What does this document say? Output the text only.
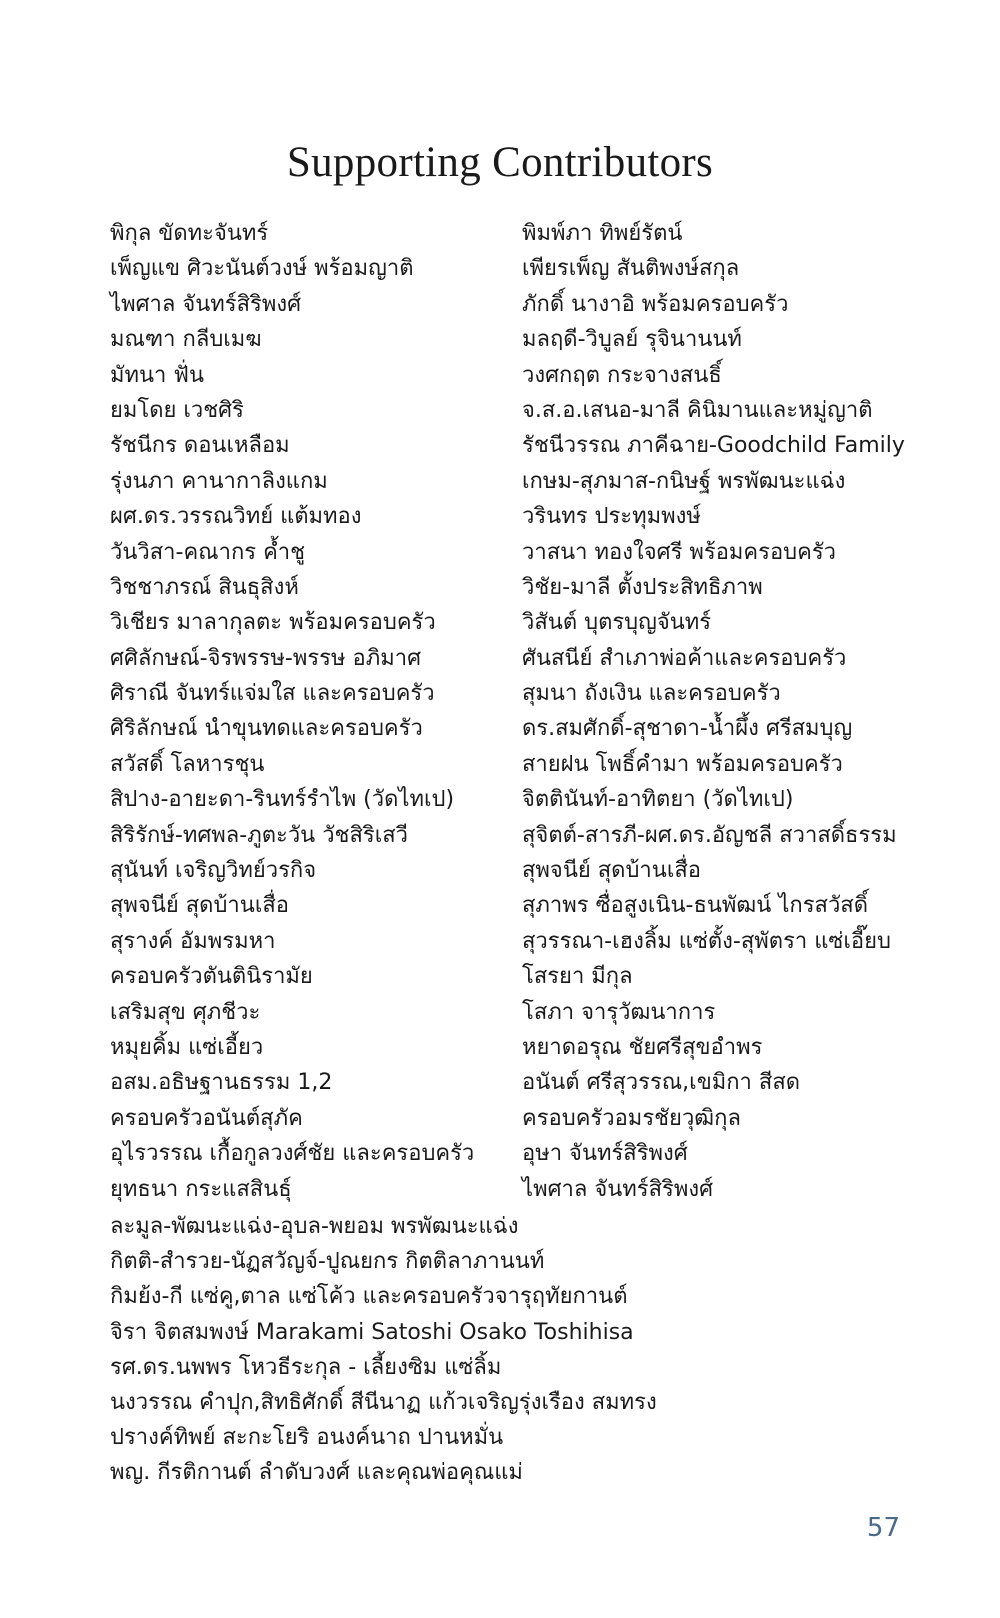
Supporting Contributors
พิกุล ขัดทะจันทร์
เพ็ญแข ศิวะนันต์วงษ์ พร้อมญาติ
ไพศาล จันทร์สิริพงศ์
มณฑา กลีบเมฆ
มัทนา ฟั่น
ยมโดย เวชศิริ
รัชนีกร ดอนเหลือม
รุ่งนภา คานากาลิงแกม
ผศ.ดร.วรรณวิทย์ แต้มทอง
วันวิสา-คณากร ค้ำชู
วิชชาภรณ์ สินธุสิงห์
วิเชียร มาลากุลตะ พร้อมครอบครัว
ศศิลักษณ์-จิรพรรษ-พรรษ อภิมาศ
ศิราณี จันทร์แจ่มใส และครอบครัว
ศิริลักษณ์ นำขุนทดและครอบครัว
สวัสดิ์ โลหารชุน
สิปาง-อายะดา-รินทร์รำไพ (วัดไทเป)
สิริรักษ์-ทศพล-ภูตะวัน วัชสิริเสวี
สุนันท์ เจริญวิทย์วรกิจ
สุพจนีย์ สุดบ้านเสื่อ
สุรางค์ อัมพรมหา
ครอบครัวตันตินิรามัย
เสริมสุข ศุภชีวะ
หมุยคิ้ม แซ่เอี้ยว
อสม.อธิษฐานธรรม 1,2
ครอบครัวอนันต์สุภัค
อุไรวรรณ เกื้อกูลวงศ์ชัย และครอบครัว
ยุทธนา กระแสสินธุ์
พิมพ์ภา ทิพย์รัตน์
เพียรเพ็ญ สันติพงษ์สกุล
ภักดิ์ นางาอิ พร้อมครอบครัว
มลฤดี-วิบูลย์ รุจินานนท์
วงศกฤต กระจางสนธิ์
จ.ส.อ.เสนอ-มาลี คินิมานและหมู่ญาติ
รัชนีวรรณ ภาคีฉาย-Goodchild Family
เกษม-สุภมาส-กนิษฐ์ พรพัฒนะแฉ่ง
วรินทร ประทุมพงษ์
วาสนา ทองใจศรี พร้อมครอบครัว
วิชัย-มาลี ตั้งประสิทธิภาพ
วิสันต์ บุตรบุญจันทร์
ศันสนีย์ สำเภาพ่อค้าและครอบครัว
สุมนา ถังเงิน และครอบครัว
ดร.สมศักดิ์-สุชาดา-น้ำผึ้ง ศรีสมบุญ
สายฝน โพธิ์คำมา พร้อมครอบครัว
จิตตินันท์-อาทิตยา (วัดไทเป)
สุจิตต์-สารภี-ผศ.ดร.อัญชลี สวาสดิ์ธรรม
สุพจนีย์ สุดบ้านเสื่อ
สุภาพร ซื่อสูงเนิน-ธนพัฒน์ ไกรสวัสดิ์
สุวรรณา-เฮงลิ้ม แซ่ตั้ง-สุพัตรา แซ่เอี๊ยบ
โสรยา มีกุล
โสภา จารุวัฒนาการ
หยาดอรุณ ชัยศรีสุขอำพร
อนันต์ ศรีสุวรรณ,เขมิกา สีสด
ครอบครัวอมรชัยวุฒิกุล
อุษา จันทร์สิริพงศ์
ไพศาล จันทร์สิริพงศ์
ละมูล-พัฒนะแฉ่ง-อุบล-พยอม พรพัฒนะแฉ่ง
กิตติ-สำรวย-นัฏสวัญจ์-ปูณยกร กิตติลาภานนท์
กิมย้ง-กี แซ่คู,ตาล แซ่โค้ว และครอบครัวจารุฤทัยกานต์
จิรา จิตสมพงษ์ Marakami Satoshi Osako Toshihisa
รศ.ดร.นพพร โหวธีระกุล - เลี้ยงซิม แซ่ลิ้ม
นงวรรณ คำปุก,สิทธิศักดิ์ สีนีนาฏ แก้วเจริญรุ่งเรือง สมทรง
ปรางค์ทิพย์ สะกะโยริ อนงค์นาถ ปานหมั่น
พญ. กีรติกานต์ ลำดับวงศ์ และคุณพ่อคุณแม่
57
